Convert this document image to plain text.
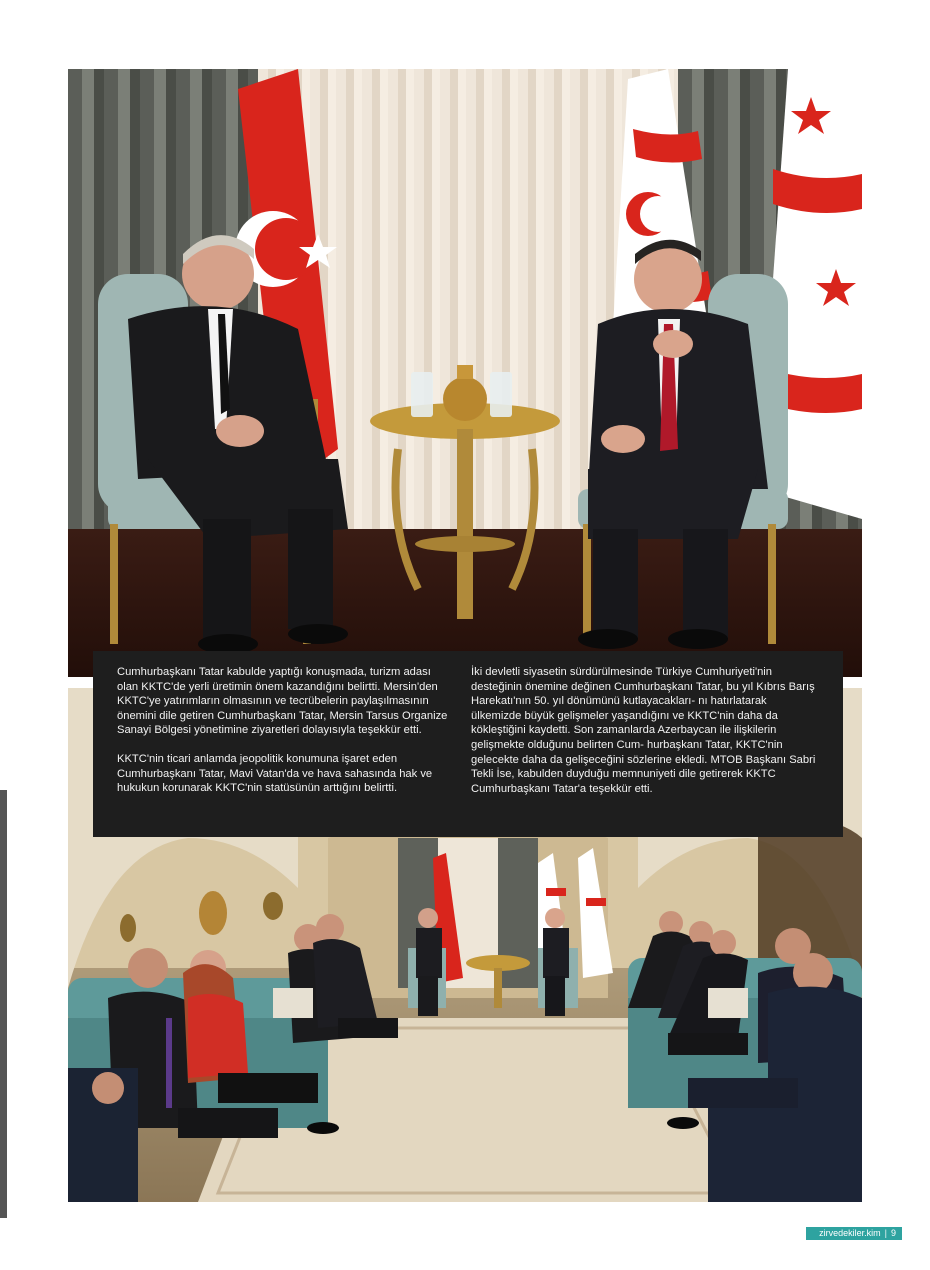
Cumhurbaşkanı Tatar kabulde yaptığı konuşmada, turizm adası olan KKTC'de yerli üretimin önem kazandığını belirtti. Mersin'den KKTC'ye yatırımların olmasının ve tecrübelerin paylaşılmasının önemini dile getiren Cumhurbaşkanı Tatar, Mersin Tarsus Organize Sanayi Bölgesi yönetimine ziyaretleri dolayısıyla teşekkür etti.

KKTC'nin ticari anlamda jeopolitik konumuna işaret eden Cumhurbaşkanı Tatar, Mavi Vatan'da ve hava sahasında hak ve hukukun korunarak KKTC'nin statüsünün arttığını belirtti.

İki devletli siyasetin sürdürülmesinde Türkiye Cumhuriyeti'nin desteğinin önemine değinen Cumhurbaşkanı Tatar, bu yıl Kıbrıs Barış Harekatı'nın 50. yıl dönümünü kutlayacakları- nı hatırlatarak ülkemizde büyük gelişmeler yaşandığını ve KKTC'nin daha da kökleştiğini kaydetti. Son zamanlarda Azerbaycan ile ilişkilerin gelişmekte olduğunu belirten Cum- hurbaşkanı Tatar, KKTC'nin gelecekte daha da gelişeceğini sözlerine ekledi. MTOB Başkanı Sabri Tekli İse, kabulden duyduğu memnuniyeti dile getirerek KKTC Cumhurbaşkanı Tatar'a teşekkür etti.

zirvedekiler.kim | 9
